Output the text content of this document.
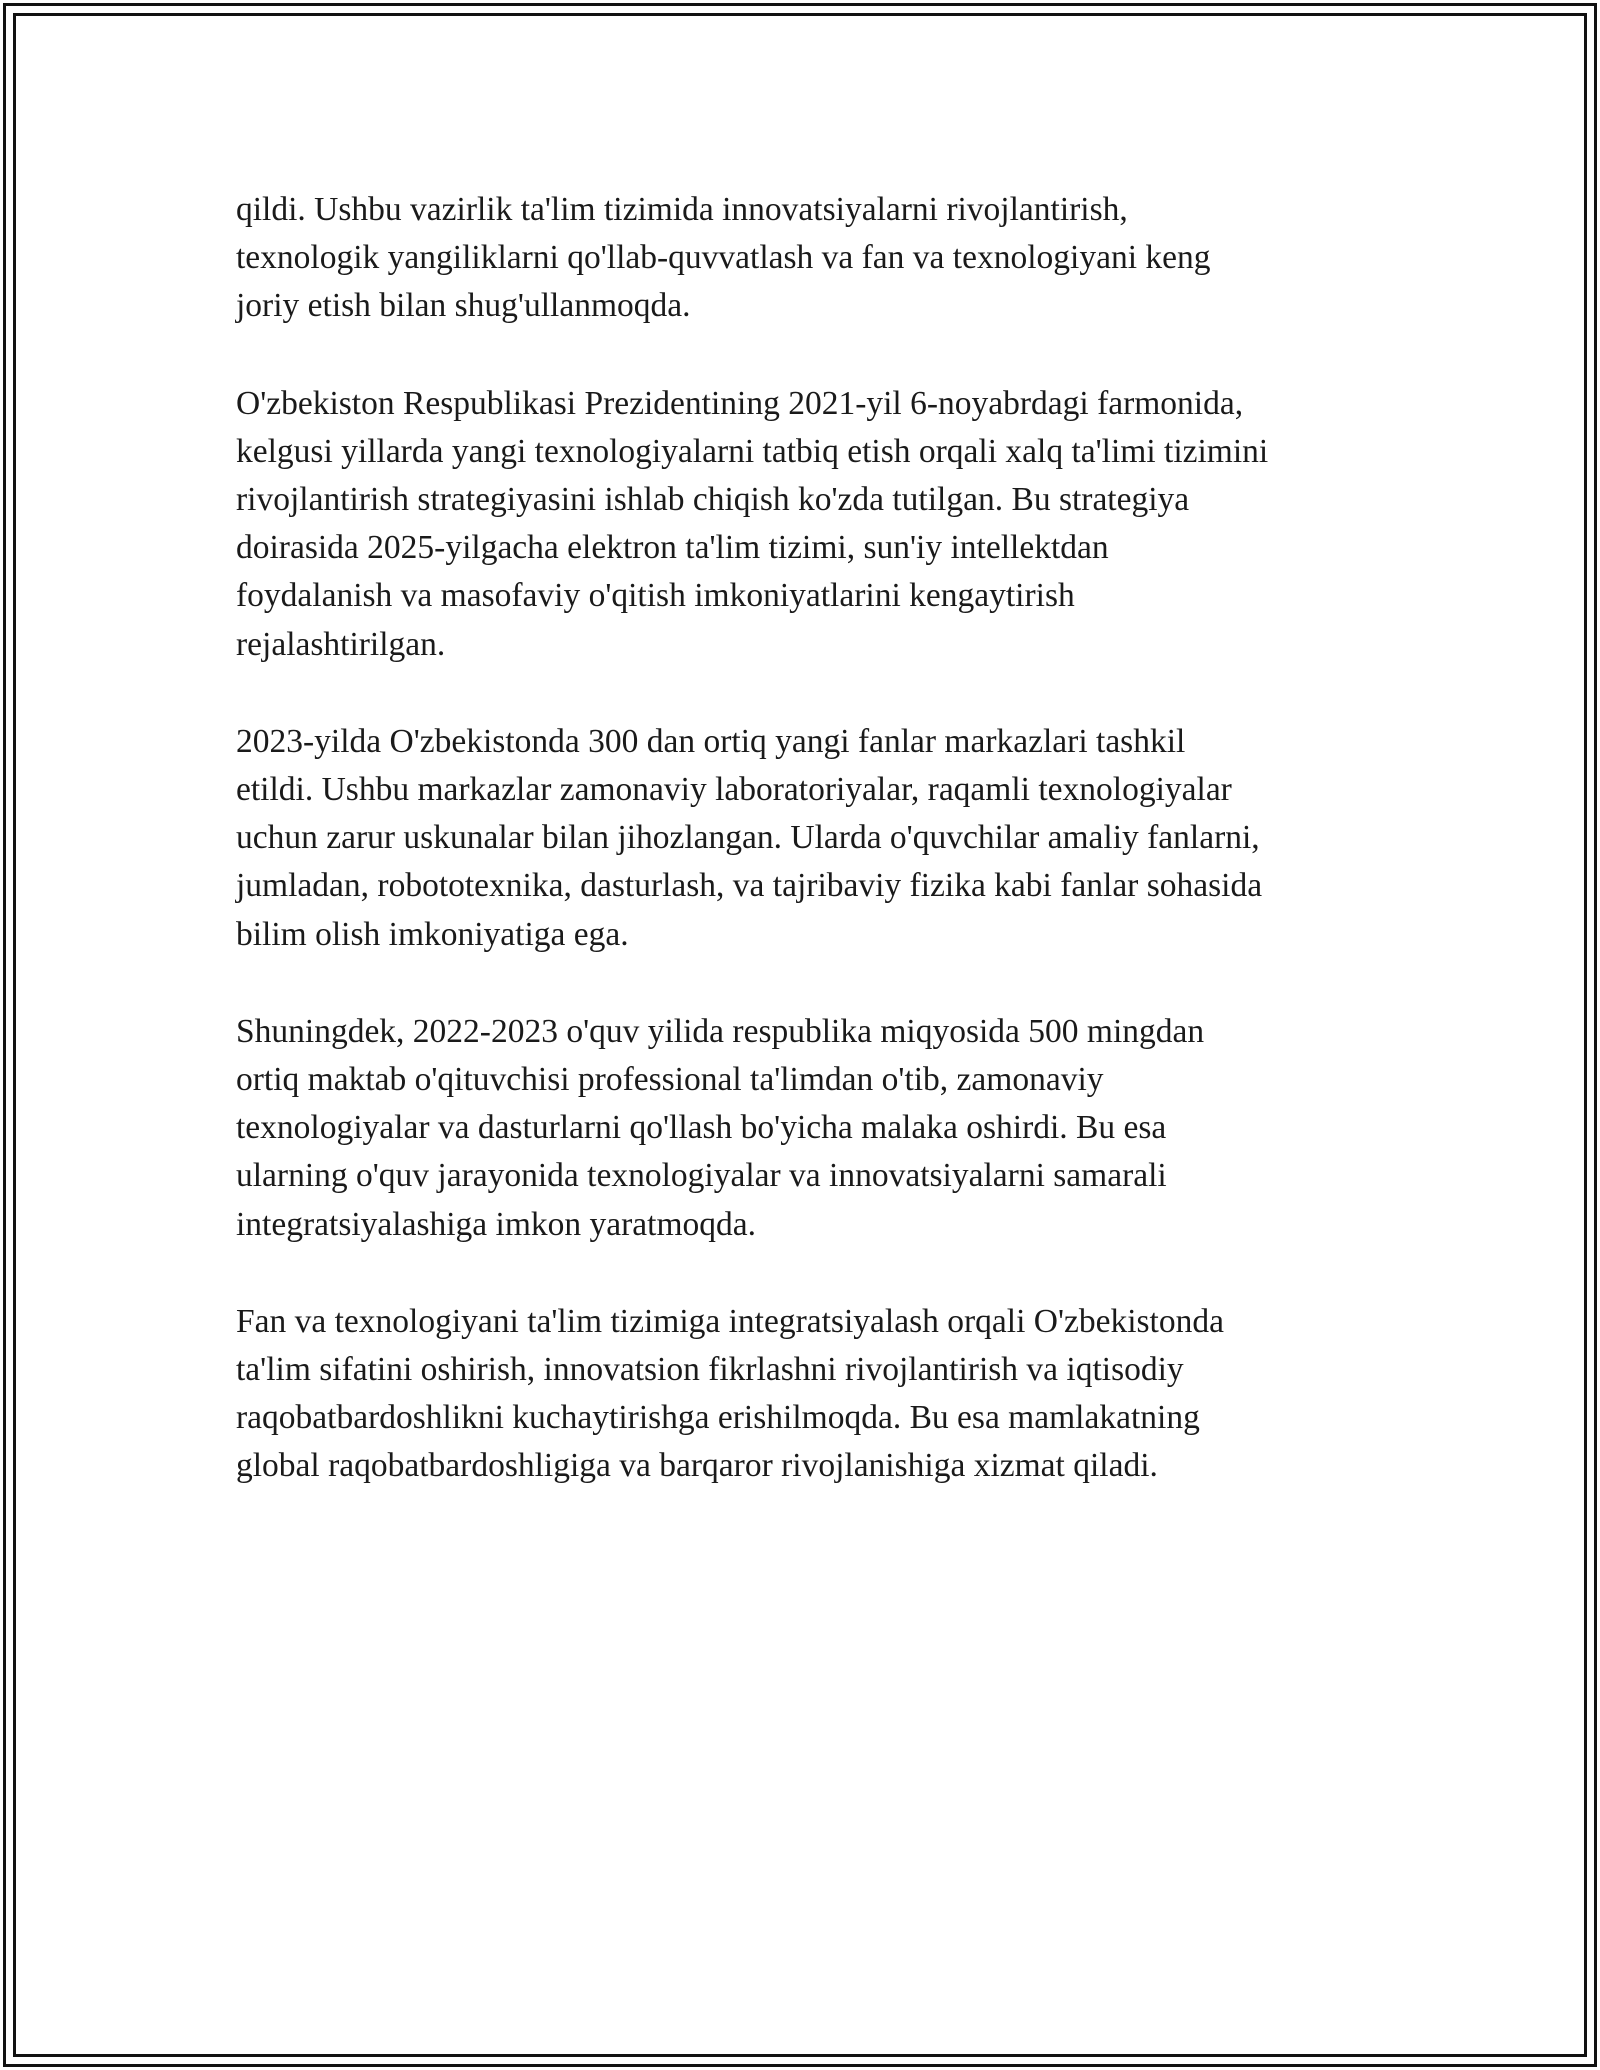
qildi. Ushbu vazirlik ta'lim tizimida innovatsiyalarni rivojlantirish,
texnologik yangiliklarni qo'llab-quvvatlash va fan va texnologiyani keng
joriy etish bilan shug'ullanmoqda.

O'zbekiston Respublikasi Prezidentining 2021-yil 6-noyabrdagi farmonida,
kelgusi yillarda yangi texnologiyalarni tatbiq etish orqali xalq ta'limi tizimini
rivojlantirish strategiyasini ishlab chiqish ko'zda tutilgan. Bu strategiya
doirasida 2025-yilgacha elektron ta'lim tizimi, sun'iy intellektdan
foydalanish va masofaviy o'qitish imkoniyatlarini kengaytirish
rejalashtirilgan.

2023-yilda O'zbekistonda 300 dan ortiq yangi fanlar markazlari tashkil
etildi. Ushbu markazlar zamonaviy laboratoriyalar, raqamli texnologiyalar
uchun zarur uskunalar bilan jihozlangan. Ularda o'quvchilar amaliy fanlarni,
jumladan, robototexnika, dasturlash, va tajribaviy fizika kabi fanlar sohasida
bilim olish imkoniyatiga ega.

Shuningdek, 2022-2023 o'quv yilida respublika miqyosida 500 mingdan
ortiq maktab o'qituvchisi professional ta'limdan o'tib, zamonaviy
texnologiyalar va dasturlarni qo'llash bo'yicha malaka oshirdi. Bu esa
ularning o'quv jarayonida texnologiyalar va innovatsiyalarni samarali
integratsiyalashiga imkon yaratmoqda.

Fan va texnologiyani ta'lim tizimiga integratsiyalash orqali O'zbekistonda
ta'lim sifatini oshirish, innovatsion fikrlashni rivojlantirish va iqtisodiy
raqobatbardoshlikni kuchaytirishga erishilmoqda. Bu esa mamlakatning
global raqobatbardoshligiga va barqaror rivojlanishiga xizmat qiladi.
